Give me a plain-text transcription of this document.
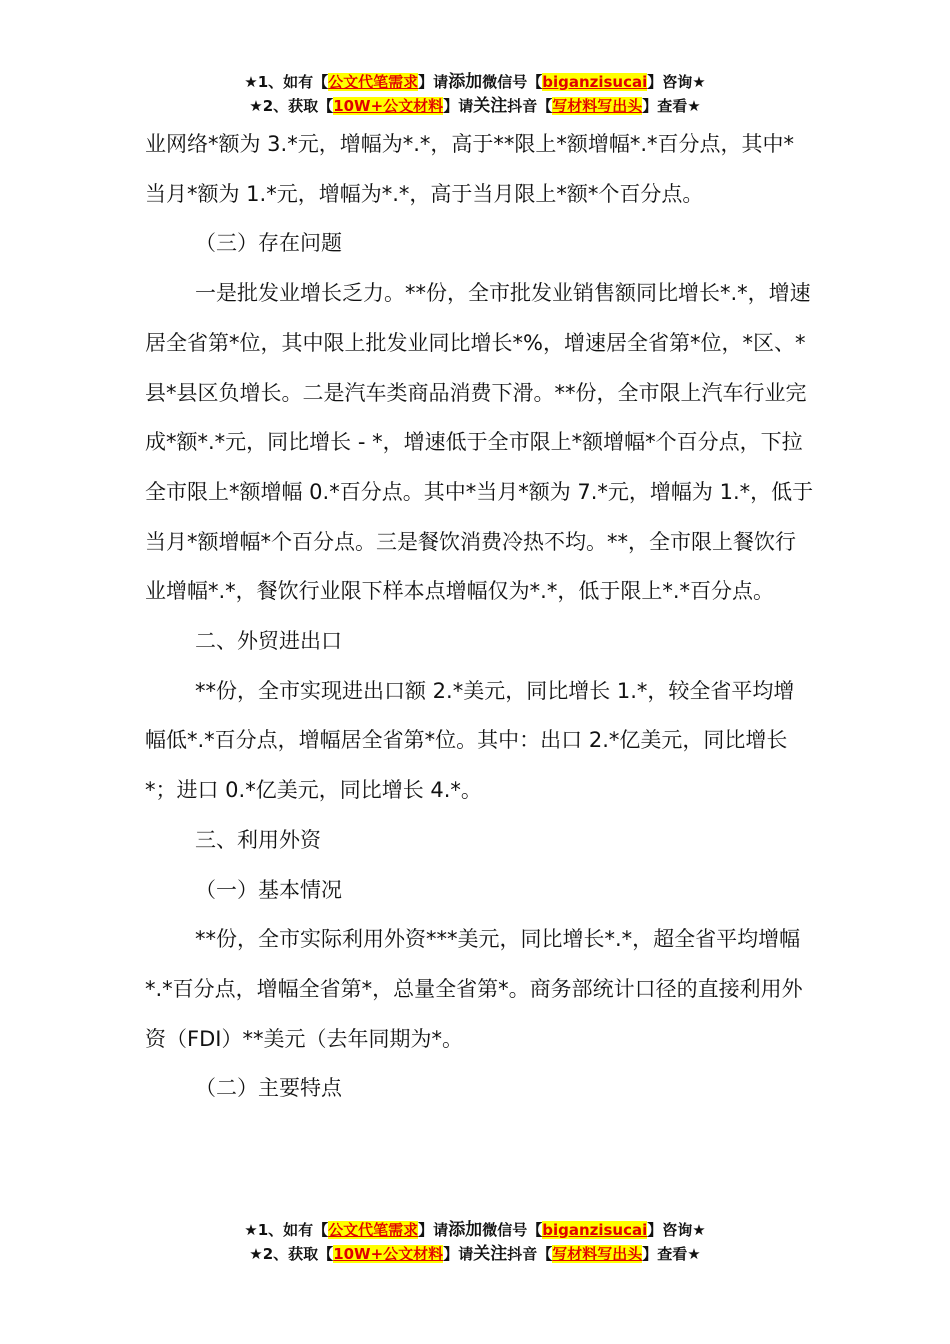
★1、如有【公文代笔需求】请添加微信号【biganzisucai】咨询★
★2、获取【10W+公文材料】请关注抖音【写材料写出头】查看★

业网络*额为 3.*元，增幅为*.*，高于**限上*额增幅*.*百分点，其中*当月*额为 1.*元，增幅为*.*，高于当月限上*额*个百分点。

（三）存在问题

一是批发业增长乏力。**份，全市批发业销售额同比增长*.*，增速居全省第*位，其中限上批发业同比增长*%，增速居全省第*位，*区、*县*县区负增长。二是汽车类商品消费下滑。**份，全市限上汽车行业完成*额*.*元，同比增长 - *，增速低于全市限上*额增幅*个百分点，下拉全市限上*额增幅 0.*百分点。其中*当月*额为 7.*元，增幅为 1.*，低于当月*额增幅*个百分点。三是餐饮消费冷热不均。**，全市限上餐饮行业增幅*.*，餐饮行业限下样本点增幅仅为*.*，低于限上*.*百分点。

二、外贸进出口

**份，全市实现进出口额 2.*美元，同比增长 1.*，较全省平均增幅低*.*百分点，增幅居全省第*位。其中：出口 2.*亿美元，同比增长*；进口 0.*亿美元，同比增长 4.*。

三、利用外资

（一）基本情况

**份，全市实际利用外资***美元，同比增长*.*，超全省平均增幅*.*百分点，增幅全省第*，总量全省第*。商务部统计口径的直接利用外资（FDI）**美元（去年同期为*。

（二）主要特点

★1、如有【公文代笔需求】请添加微信号【biganzisucai】咨询★
★2、获取【10W+公文材料】请关注抖音【写材料写出头】查看★
